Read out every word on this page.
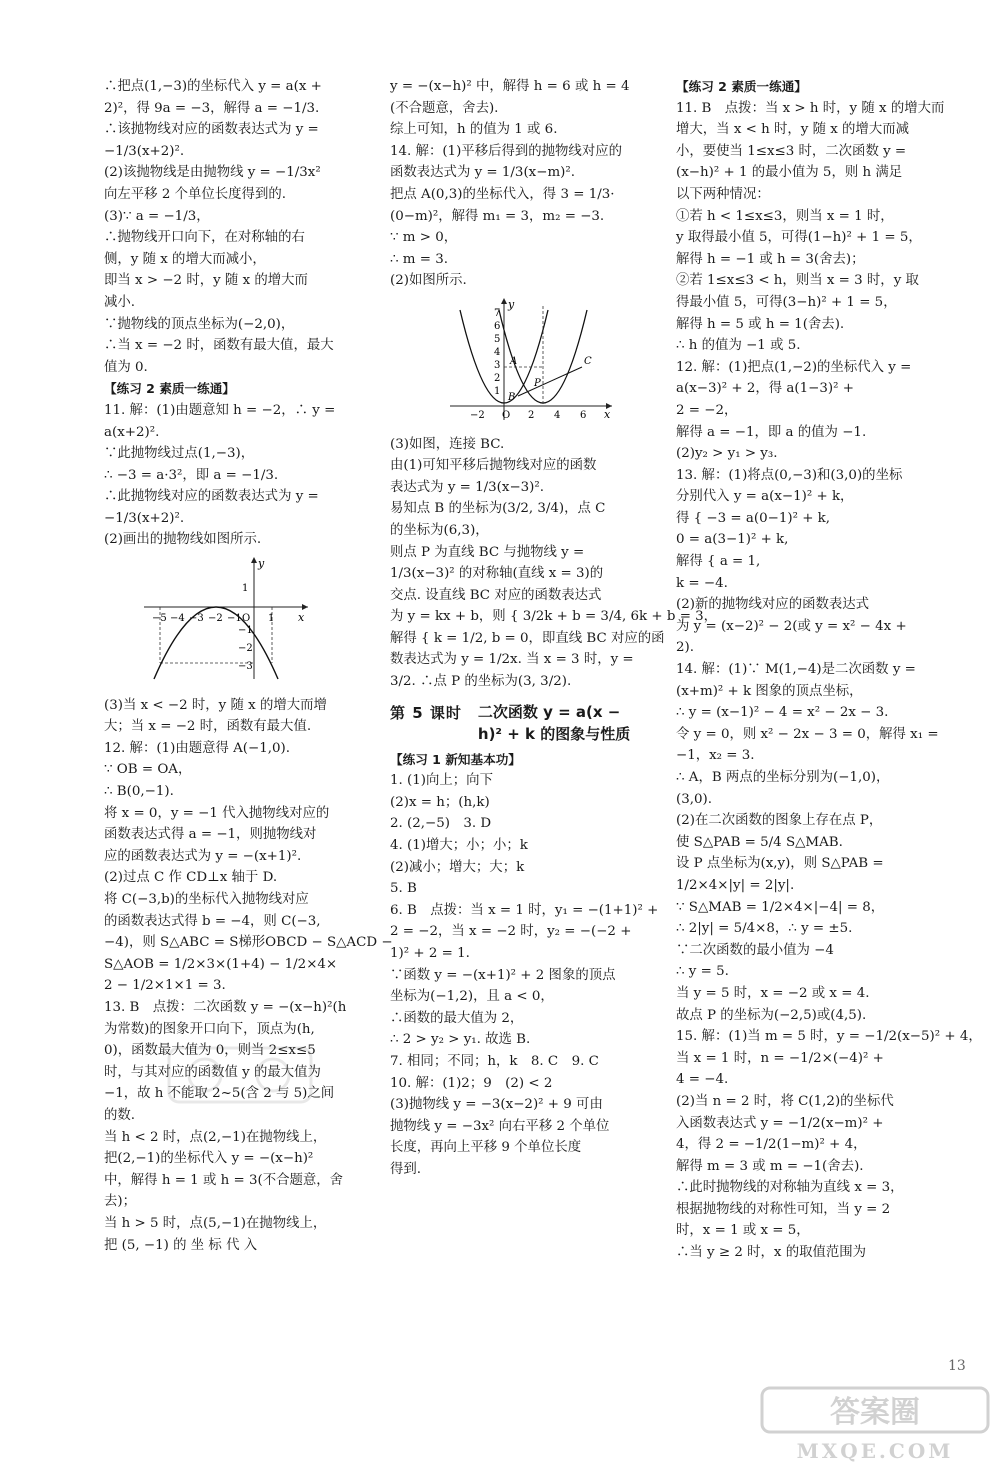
∴把点(1,−3)的坐标代入 y = a(x +
2)²，得 9a = −3，解得 a = −1/3.
∴该抛物线对应的函数表达式为 y =
−1/3(x+2)².
(2)该抛物线是由抛物线 y = −1/3x²
向左平移 2 个单位长度得到的.
(3)∵ a = −1/3，
∴抛物线开口向下，在对称轴的右
侧，y 随 x 的增大而减小，
即当 x > −2 时，y 随 x 的增大而
减小.
∵抛物线的顶点坐标为(−2,0)，
∴当 x = −2 时，函数有最大值，最大
值为 0.
【练习 2 素质一练通】
11. 解：(1)由题意知 h = −2，∴ y =
a(x+2)².
∵此抛物线过点(1,−3)，
∴ −3 = a·3²，即 a = −1/3.
∴此抛物线对应的函数表达式为 y =
−1/3(x+2)².
(2)画出的抛物线如图所示.
x
y
−5 −4 −3 −2 −1 O 1
1
−1
−2
−3
(3)当 x < −2 时，y 随 x 的增大而增
大；当 x = −2 时，函数有最大值.
12. 解：(1)由题意得 A(−1,0).
∵ OB = OA，
∴ B(0,−1).
将 x = 0，y = −1 代入抛物线对应的
函数表达式得 a = −1，则抛物线对
应的函数表达式为 y = −(x+1)².
(2)过点 C 作 CD⊥x 轴于 D.
将 C(−3,b)的坐标代入抛物线对应
的函数表达式得 b = −4，则 C(−3,
−4)，则 S△ABC = S梯形OBCD − S△ACD −
S△AOB = 1/2×3×(1+4) − 1/2×4×
2 − 1/2×1×1 = 3.
13. B　点拨：二次函数 y = −(x−h)²(h
为常数)的图象开口向下，顶点为(h,
0)，函数最大值为 0，则当 2≤x≤5
时，与其对应的函数值 y 的最大值为
−1，故 h 不能取 2~5(含 2 与 5)之间
的数.
当 h < 2 时，点(2,−1)在抛物线上，
把(2,−1)的坐标代入 y = −(x−h)²
中，解得 h = 1 或 h = 3(不合题意，舍
去)；
当 h > 5 时，点(5,−1)在抛物线上，
把 (5, −1) 的 坐 标 代 入
y = −(x−h)² 中，解得 h = 6 或 h = 4
(不合题意，舍去).
综上可知，h 的值为 1 或 6.
14. 解：(1)平移后得到的抛物线对应的
函数表达式为 y = 1/3(x−m)².
把点 A(0,3)的坐标代入，得 3 = 1/3·
(0−m)²，解得 m₁ = 3，m₂ = −3.
∵ m > 0，
∴ m = 3.
(2)如图所示.
x
y
−2 O 2 4 6
7
6
5
4
3
2
1
A
B
P
C
(3)如图，连接 BC.
由(1)可知平移后抛物线对应的函数
表达式为 y = 1/3(x−3)².
易知点 B 的坐标为(3/2, 3/4)，点 C
的坐标为(6,3)，
则点 P 为直线 BC 与抛物线 y =
1/3(x−3)² 的对称轴(直线 x = 3)的
交点. 设直线 BC 对应的函数表达式
为 y = kx + b，则 { 3/2k + b = 3/4, 6k + b = 3，
解得 { k = 1/2, b = 0，即直线 BC 对应的函
数表达式为 y = 1/2x. 当 x = 3 时，y =
3/2. ∴点 P 的坐标为(3, 3/2).
第 5 课时 二次函数 y = a(x −
h)² + k 的图象与性质
【练习 1 新知基本功】
1. (1)向上；向下
(2)x = h；(h,k)
2. (2,−5)　3. D
4. (1)增大；小；小；k
(2)减小；增大；大；k
5. B
6. B　点拨：当 x = 1 时，y₁ = −(1+1)² +
2 = −2，当 x = −2 时，y₂ = −(−2 +
1)² + 2 = 1.
∵函数 y = −(x+1)² + 2 图象的顶点
坐标为(−1,2)，且 a < 0，
∴函数的最大值为 2，
∴ 2 > y₂ > y₁. 故选 B.
7. 相同；不同；h，k　8. C　9. C
10. 解：(1)2；9　(2) < 2
(3)抛物线 y = −3(x−2)² + 9 可由
抛物线 y = −3x² 向右平移 2 个单位
长度，再向上平移 9 个单位长度
得到.
【练习 2 素质一练通】
11. B　点拨：当 x > h 时，y 随 x 的增大而
增大，当 x < h 时，y 随 x 的增大而减
小，要使当 1≤x≤3 时，二次函数 y =
(x−h)² + 1 的最小值为 5，则 h 满足
以下两种情况：
①若 h < 1≤x≤3，则当 x = 1 时，
y 取得最小值 5，可得(1−h)² + 1 = 5，
解得 h = −1 或 h = 3(舍去)；
②若 1≤x≤3 < h，则当 x = 3 时，y 取
得最小值 5，可得(3−h)² + 1 = 5，
解得 h = 5 或 h = 1(舍去).
∴ h 的值为 −1 或 5.
12. 解：(1)把点(1,−2)的坐标代入 y =
a(x−3)² + 2，得 a(1−3)² +
2 = −2，
解得 a = −1，即 a 的值为 −1.
(2)y₂ > y₁ > y₃.
13. 解：(1)将点(0,−3)和(3,0)的坐标
分别代入 y = a(x−1)² + k，
得 { −3 = a(0−1)² + k,
0 = a(3−1)² + k,
解得 { a = 1,
k = −4.
(2)新的抛物线对应的函数表达式
为 y = (x−2)² − 2(或 y = x² − 4x +
2).
14. 解：(1)∵ M(1,−4)是二次函数 y =
(x+m)² + k 图象的顶点坐标，
∴ y = (x−1)² − 4 = x² − 2x − 3.
令 y = 0，则 x² − 2x − 3 = 0，解得 x₁ =
−1，x₂ = 3.
∴ A，B 两点的坐标分别为(−1,0)，
(3,0).
(2)在二次函数的图象上存在点 P，
使 S△PAB = 5/4 S△MAB.
设 P 点坐标为(x,y)，则 S△PAB =
1/2×4×|y| = 2|y|.
∵ S△MAB = 1/2×4×|−4| = 8，
∴ 2|y| = 5/4×8，∴ y = ±5.
∵二次函数的最小值为 −4
∴ y = 5.
当 y = 5 时，x = −2 或 x = 4.
故点 P 的坐标为(−2,5)或(4,5).
15. 解：(1)当 m = 5 时，y = −1/2(x−5)² + 4，
当 x = 1 时，n = −1/2×(−4)² +
4 = −4.
(2)当 n = 2 时，将 C(1,2)的坐标代
入函数表达式 y = −1/2(x−m)² +
4，得 2 = −1/2(1−m)² + 4，
解得 m = 3 或 m = −1(舍去).
∴此时抛物线的对称轴为直线 x = 3，
根据抛物线的对称性可知，当 y = 2
时，x = 1 或 x = 5，
∴当 y ≥ 2 时，x 的取值范围为
13
答案圈
MXQE.COM
